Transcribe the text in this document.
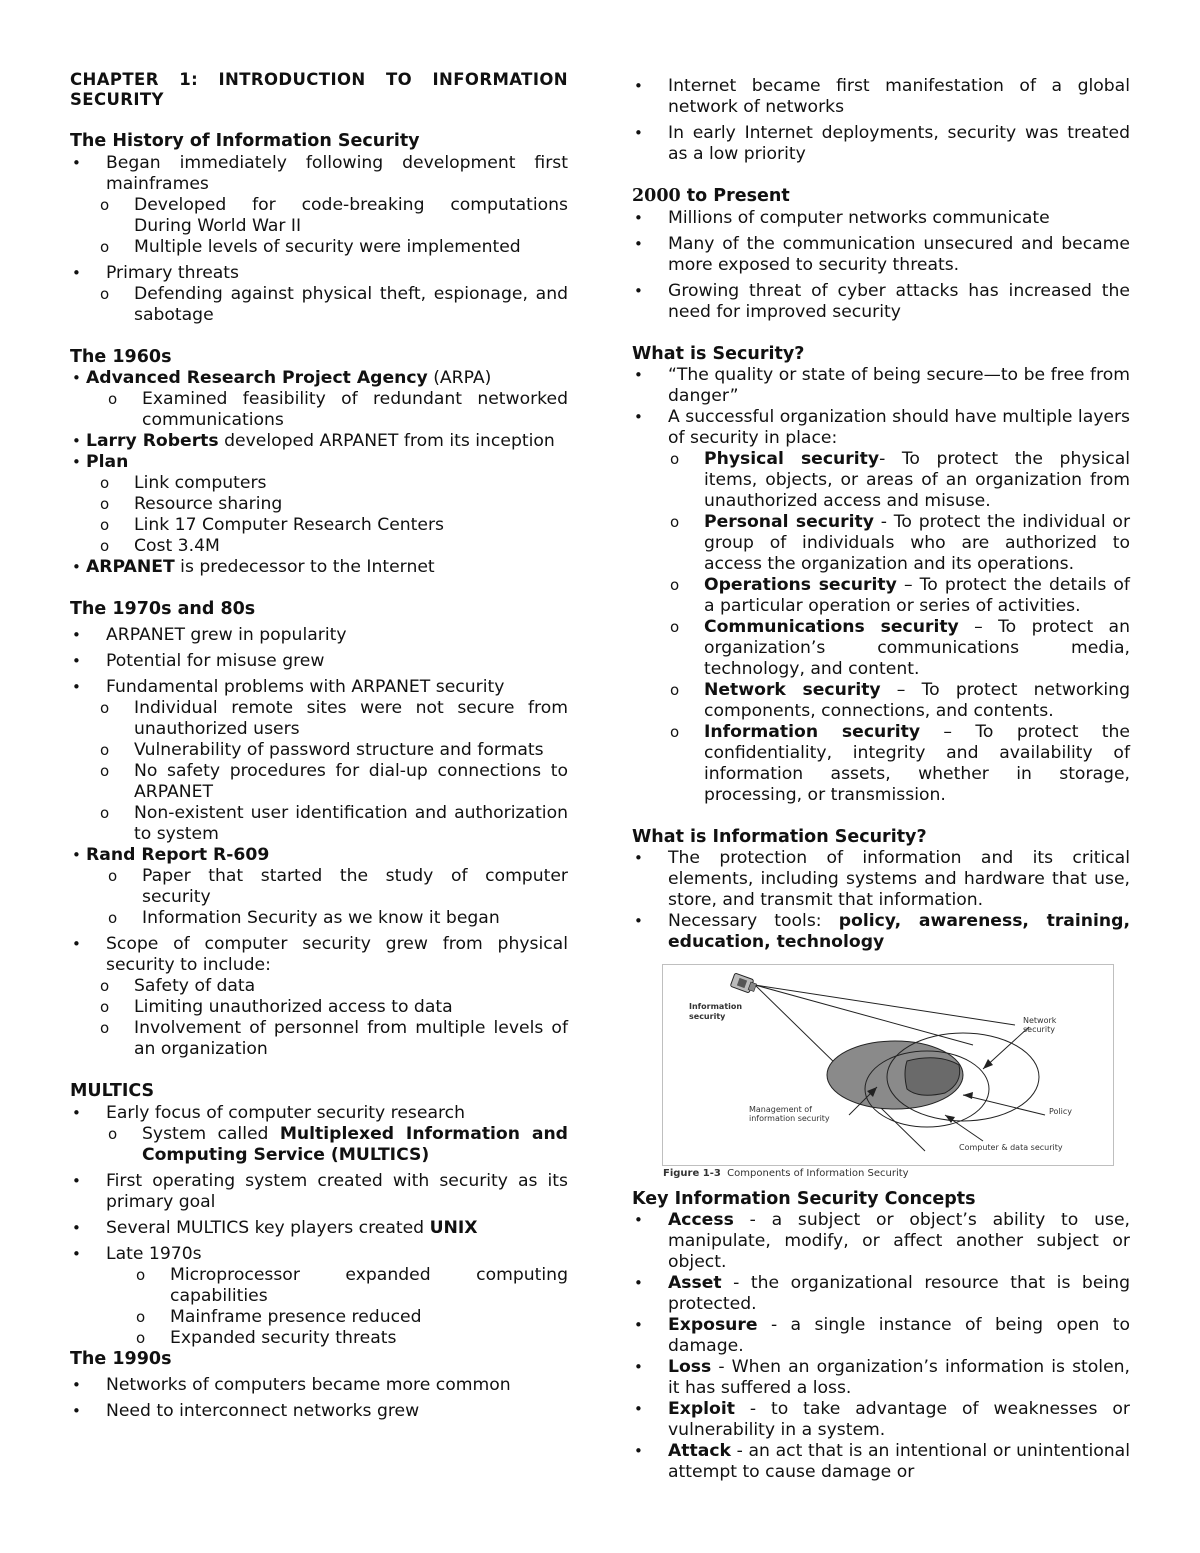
CHAPTER 1: INTRODUCTION TO INFORMATION SECURITY

The History of Information Security

• Began immediately following development first mainframes
o Developed for code-breaking computations During World War II
o Multiple levels of security were implemented
• Primary threats
o Defending against physical theft, espionage, and sabotage

The 1960s

• Advanced Research Project Agency (ARPA)
o Examined feasibility of redundant networked communications
• Larry Roberts developed ARPANET from its inception
• Plan
o Link computers
o Resource sharing
o Link 17 Computer Research Centers
o Cost 3.4M
• ARPANET is predecessor to the Internet

The 1970s and 80s

• ARPANET grew in popularity
• Potential for misuse grew
• Fundamental problems with ARPANET security
o Individual remote sites were not secure from unauthorized users
o Vulnerability of password structure and formats
o No safety procedures for dial-up connections to ARPANET
o Non-existent user identification and authorization to system
• Rand Report R-609
o Paper that started the study of computer security
o Information Security as we know it began
• Scope of computer security grew from physical security to include:
o Safety of data
o Limiting unauthorized access to data
o Involvement of personnel from multiple levels of an organization

MULTICS

• Early focus of computer security research
o System called Multiplexed Information and Computing Service (MULTICS)
• First operating system created with security as its primary goal
• Several MULTICS key players created UNIX
• Late 1970s
o Microprocessor expanded computing capabilities
o Mainframe presence reduced
o Expanded security threats

The 1990s

• Networks of computers became more common
• Need to interconnect networks grew
• Internet became first manifestation of a global network of networks
• In early Internet deployments, security was treated as a low priority

2000 to Present

• Millions of computer networks communicate
• Many of the communication unsecured and became more exposed to security threats.
• Growing threat of cyber attacks has increased the need for improved security

What is Security?

• “The quality or state of being secure—to be free from danger”
• A successful organization should have multiple layers of security in place:
o Physical security- To protect the physical items, objects, or areas of an organization from unauthorized access and misuse.
o Personal security - To protect the individual or group of individuals who are authorized to access the organization and its operations.
o Operations security – To protect the details of a particular operation or series of activities.
o Communications security – To protect an organization’s communications media, technology, and content.
o Network security – To protect networking components, connections, and contents.
o Information security – To protect the confidentiality, integrity and availability of information assets, whether in storage, processing, or transmission.

What is Information Security?

• The protection of information and its critical elements, including systems and hardware that use, store, and transmit that information.
• Necessary tools: policy, awareness, training, education, technology
Information
security	Network
security
Management of
information security
Policy
Computer & data security
Figure 1-3 Components of Information Security

Key Information Security Concepts

• Access - a subject or object’s ability to use, manipulate, modify, or affect another subject or object.
• Asset - the organizational resource that is being protected.
• Exposure - a single instance of being open to damage.
• Loss - When an organization’s information is stolen, it has suffered a loss.
• Exploit - to take advantage of weaknesses or vulnerability in a system.
• Attack - an act that is an intentional or unintentional attempt to cause damage or
